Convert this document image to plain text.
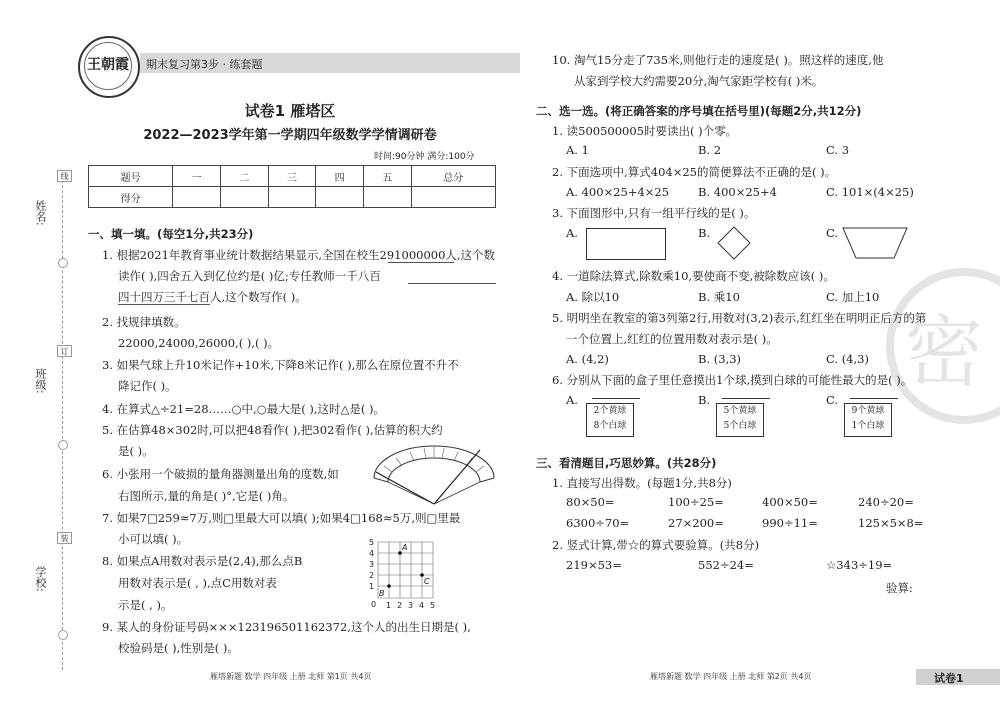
姓名:
班级:
学校:
线
订
装
王朝霞 期末复习第3步 · 练套题
试卷1 雁塔区
2022—2023学年第一学期四年级数学学情调研卷
时间:90分钟 满分:100分
题号	一	二	三	四	五	总分
得分						
一、填一填。(每空1分,共23分)
1. 根据2021年教育事业统计数据结果显示,全国在校生291000000人,这个数
读作( ),四舍五入到亿位约是( )亿;专任教师一千八百
四十四万三千七百人,这个数写作( )。
2. 找规律填数。
22000,24000,26000,( ),( )。
3. 如果气球上升10米记作+10米,下降8米记作( ),那么在原位置不升不
降记作( )。
4. 在算式△÷21=28……○中,○最大是( ),这时△是( )。
5. 在估算48×302时,可以把48看作( ),把302看作( ),估算的积大约
是( )。
6. 小张用一个破损的量角器测量出角的度数,如
右图所示,量的角是( )°,它是( )角。
7. 如果7□259≈7万,则□里最大可以填( );如果4□168≈5万,则□里最
小可以填( )。
8. 如果点A用数对表示是(2,4),那么点B
用数对表示是( , ),点C用数对表
示是( , )。
5
4
3
2
1
0 1 2 3 4 5
A
B
C
9. 某人的身份证号码×××123196501162372,这个人的出生日期是( ),
校验码是( ),性别是( )。
雁塔新题 数学 四年级 上册 北师 第1页 共4页
密
10. 淘气15分走了735米,则他行走的速度是( )。照这样的速度,他
从家到学校大约需要20分,淘气家距学校有( )米。
二、选一选。(将正确答案的序号填在括号里)(每题2分,共12分)
1. 读500500005时要读出( )个零。
A. 1	B. 2	C. 3
2. 下面选项中,算式404×25的简便算法不正确的是( )。
A. 400×25+4×25	B. 400×25+4	C. 101×(4×25)
3. 下面图形中,只有一组平行线的是( )。
A.	B.	C.
4. 一道除法算式,除数乘10,要使商不变,被除数应该( )。
A. 除以10	B. 乘10	C. 加上10
5. 明明坐在教室的第3列第2行,用数对(3,2)表示,红红坐在明明正后方的第
一个位置上,红红的位置用数对表示是( )。
A. (4,2)	B. (3,3)	C. (4,3)
6. 分别从下面的盒子里任意摸出1个球,摸到白球的可能性最大的是( )。
A.	B.	C.
2个黄球
8个白球
5个黄球
5个白球
9个黄球
1个白球
三、看清题目,巧思妙算。(共28分)
1. 直接写出得数。(每题1分,共8分)
80×50=	100÷25=	400×50=	240÷20=
6300÷70=	27×200=	990÷11=	125×5×8=
2. 竖式计算,带☆的算式要验算。(共8分)
219×53=	552÷24=	☆343÷19=
验算:
雁塔新题 数学 四年级 上册 北师 第2页 共4页	试卷1
